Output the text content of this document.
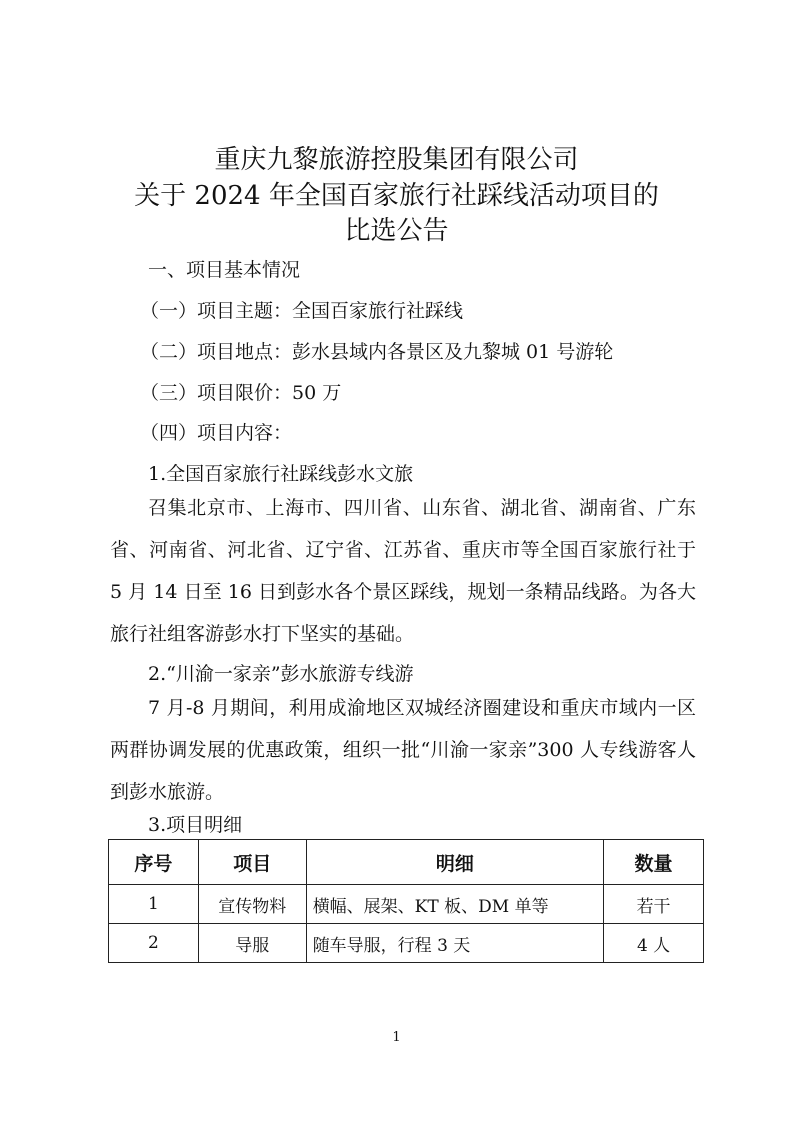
重庆九黎旅游控股集团有限公司
关于 2024 年全国百家旅行社踩线活动项目的
比选公告
一、项目基本情况
（一）项目主题：全国百家旅行社踩线
（二）项目地点：彭水县域内各景区及九黎城 01 号游轮
（三）项目限价：50 万
（四）项目内容：
1.全国百家旅行社踩线彭水文旅
召集北京市、上海市、四川省、山东省、湖北省、湖南省、广东省、河南省、河北省、辽宁省、江苏省、重庆市等全国百家旅行社于 5 月 14 日至 16 日到彭水各个景区踩线，规划一条精品线路。为各大旅行社组客游彭水打下坚实的基础。
2.“川渝一家亲”彭水旅游专线游
7 月-8 月期间，利用成渝地区双城经济圈建设和重庆市域内一区两群协调发展的优惠政策，组织一批“川渝一家亲”300 人专线游客人到彭水旅游。
3.项目明细
序号	项目	明细	数量
1	宣传物料	横幅、展架、KT 板、DM 单等	若干
2	导服	随车导服，行程 3 天	4 人
1
